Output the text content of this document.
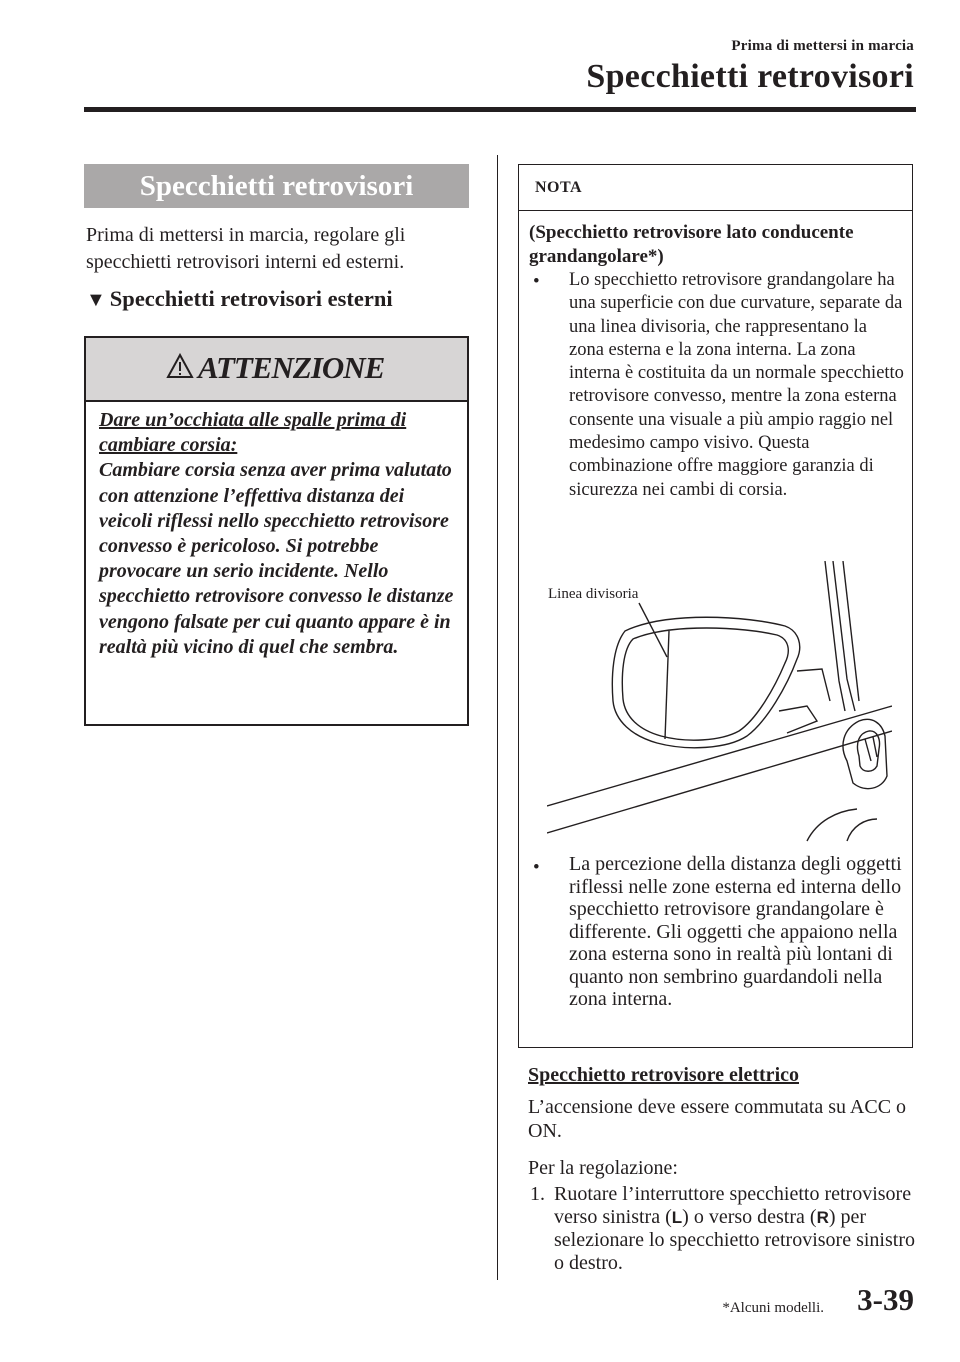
Prima di mettersi in marcia
Specchietti retrovisori
Specchietti retrovisori
Prima di mettersi in marcia, regolare gli specchietti retrovisori interni ed esterni.
▼ Specchietti retrovisori esterni
ATTENZIONE
Dare un’occhiata alle spalle prima di cambiare corsia:
Cambiare corsia senza aver prima valutato con attenzione l’effettiva distanza dei veicoli riflessi nello specchietto retrovisore convesso è pericoloso. Si potrebbe provocare un serio incidente. Nello specchietto retrovisore convesso le distanze vengono falsate per cui quanto appare è in realtà più vicino di quel che sembra.
NOTA
(Specchietto retrovisore lato conducente grandangolare*)
• Lo specchietto retrovisore grandangolare ha una superficie con due curvature, separate da una linea divisoria, che rappresentano la zona esterna e la zona interna. La zona interna è costituita da un normale specchietto retrovisore convesso, mentre la zona esterna consente una visuale a più ampio raggio nel medesimo campo visivo. Questa combinazione offre maggiore garanzia di sicurezza nei cambi di corsia.
Linea divisoria
• La percezione della distanza degli oggetti riflessi nelle zone esterna ed interna dello specchietto retrovisore grandangolare è differente. Gli oggetti che appaiono nella zona esterna sono in realtà più lontani di quanto non sembrino guardandoli nella zona interna.
Specchietto retrovisore elettrico
L’accensione deve essere commutata su ACC o ON.
Per la regolazione:
1. Ruotare l’interruttore specchietto retrovisore verso sinistra (L) o verso destra (R) per selezionare lo specchietto retrovisore sinistro o destro.
*Alcuni modelli. 3-39
